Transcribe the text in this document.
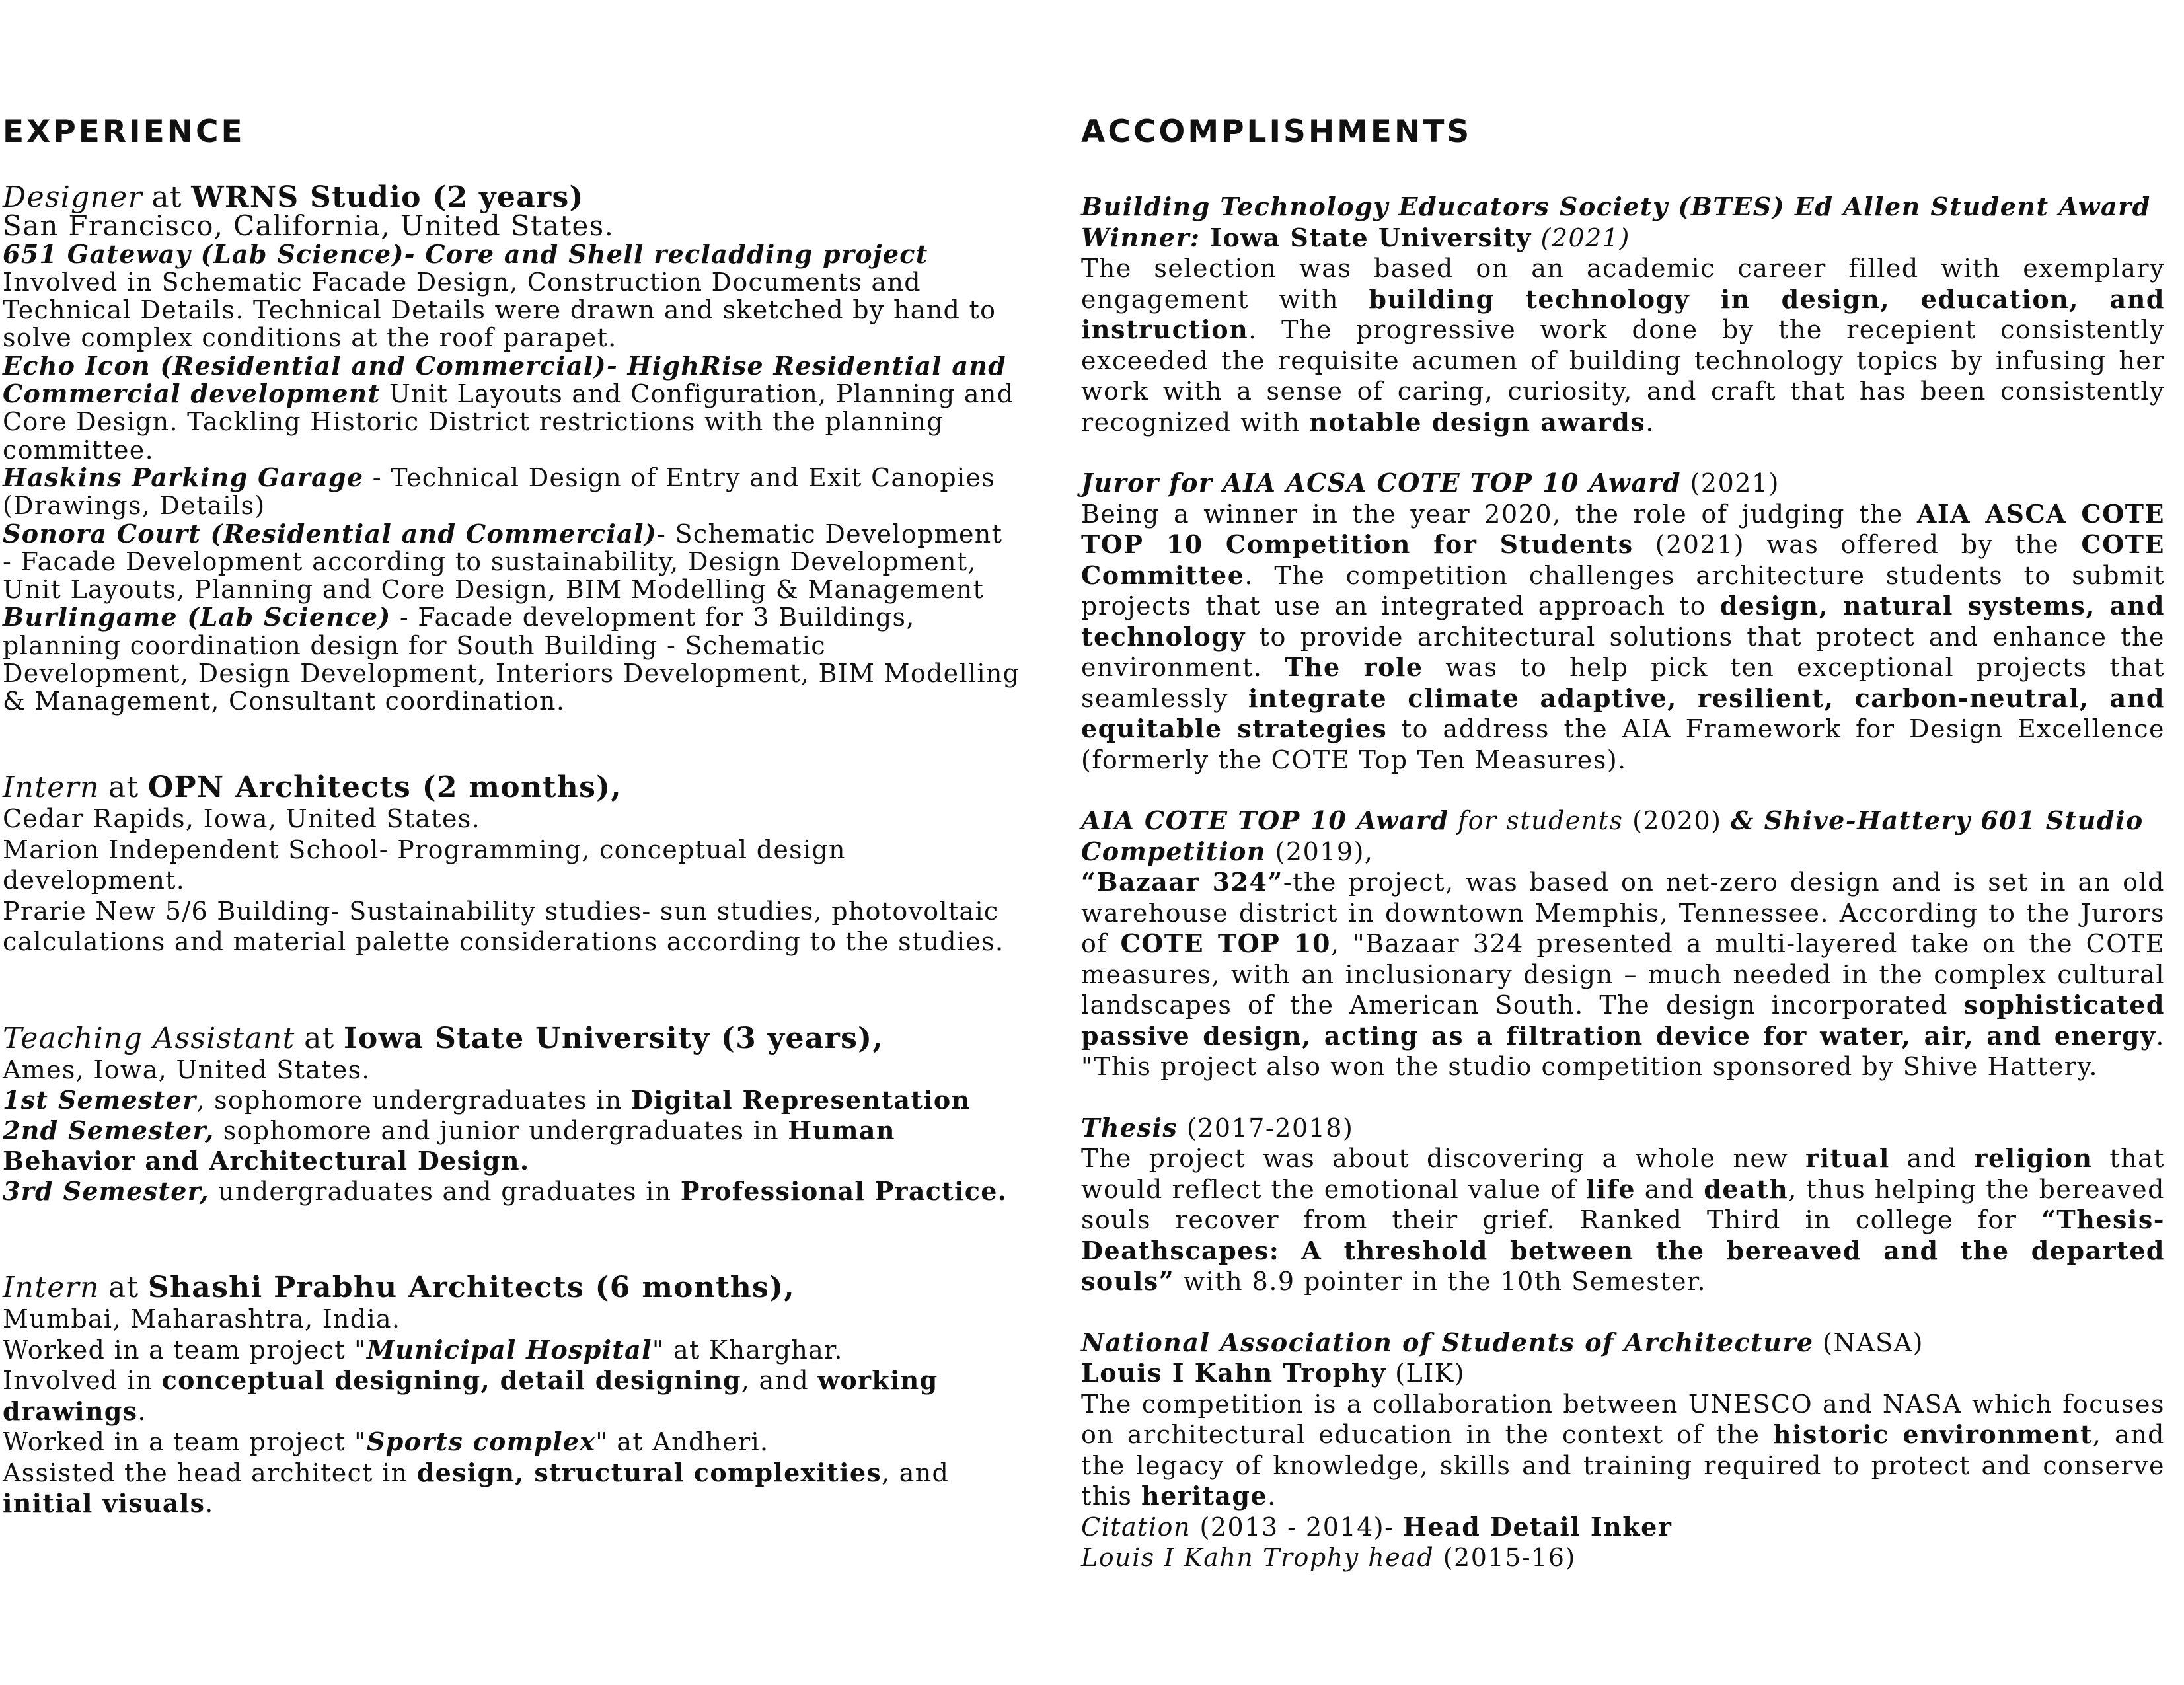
EXPERIENCE

Designer at WRNS Studio (2 years)

San Francisco, California, United States.

651 Gateway (Lab Science)- Core and Shell recladding project
Involved in Schematic Facade Design, Construction Documents and Technical Details. Technical Details were drawn and sketched by hand to solve complex conditions at the roof parapet.

Echo Icon (Residential and Commercial)- HighRise Residential and Commercial development Unit Layouts and Configuration, Planning and Core Design. Tackling Historic District restrictions with the planning committee.

Haskins Parking Garage - Technical Design of Entry and Exit Canopies (Drawings, Details)

Sonora Court (Residential and Commercial)- Schematic Development - Facade Development according to sustainability, Design Development, Unit Layouts, Planning and Core Design, BIM Modelling & Management

Burlingame (Lab Science) - Facade development for 3 Buildings, planning coordination design for South Building - Schematic Development, Design Development, Interiors Development, BIM Modelling & Management, Consultant coordination.

Intern at OPN Architects (2 months),

Cedar Rapids, Iowa, United States.

Marion Independent School- Programming, conceptual design development.

Prarie New 5/6 Building- Sustainability studies- sun studies, photovoltaic calculations and material palette considerations according to the studies.

Teaching Assistant at Iowa State University (3 years),

Ames, Iowa, United States.

1st Semester, sophomore undergraduates in Digital Representation

2nd Semester, sophomore and junior undergraduates in Human Behavior and Architectural Design.

3rd Semester, undergraduates and graduates in Professional Practice.

Intern at Shashi Prabhu Architects (6 months),

Mumbai, Maharashtra, India.

Worked in a team project "Municipal Hospital" at Kharghar.

Involved in conceptual designing, detail designing, and working drawings.

Worked in a team project "Sports complex" at Andheri.

Assisted the head architect in design, structural complexities, and initial visuals.

ACCOMPLISHMENTS

Building Technology Educators Society (BTES) Ed Allen Student Award Winner: Iowa State University (2021)

The selection was based on an academic career filled with exemplary engagement with building technology in design, education, and instruction. The progressive work done by the recepient consistently exceeded the requisite acumen of building technology topics by infusing her work with a sense of caring, curiosity, and craft that has been consistently recognized with notable design awards.

Juror for AIA ACSA COTE TOP 10 Award (2021)

Being a winner in the year 2020, the role of judging the AIA ASCA COTE TOP 10 Competition for Students (2021) was offered by the COTE Committee. The competition challenges architecture students to submit projects that use an integrated approach to design, natural systems, and technology to provide architectural solutions that protect and enhance the environment. The role was to help pick ten exceptional projects that seamlessly integrate climate adaptive, resilient, carbon-neutral, and equitable strategies to address the AIA Framework for Design Excellence (formerly the COTE Top Ten Measures).

AIA COTE TOP 10 Award for students (2020) & Shive-Hattery 601 Studio Competition (2019),

“Bazaar 324”-the project, was based on net-zero design and is set in an old warehouse district in downtown Memphis, Tennessee. According to the Jurors of COTE TOP 10, "Bazaar 324 presented a multi-layered take on the COTE measures, with an inclusionary design – much needed in the complex cultural landscapes of the American South. The design incorporated sophisticated passive design, acting as a filtration device for water, air, and energy. "This project also won the studio competition sponsored by Shive Hattery.

Thesis (2017-2018)

The project was about discovering a whole new ritual and religion that would reflect the emotional value of life and death, thus helping the bereaved souls recover from their grief. Ranked Third in college for “Thesis- Deathscapes: A threshold between the bereaved and the departed souls” with 8.9 pointer in the 10th Semester.

National Association of Students of Architecture (NASA)

Louis I Kahn Trophy (LIK)

The competition is a collaboration between UNESCO and NASA which focuses on architectural education in the context of the historic environment, and the legacy of knowledge, skills and training required to protect and conserve this heritage.

Citation (2013 - 2014)- Head Detail Inker

Louis I Kahn Trophy head (2015-16)
